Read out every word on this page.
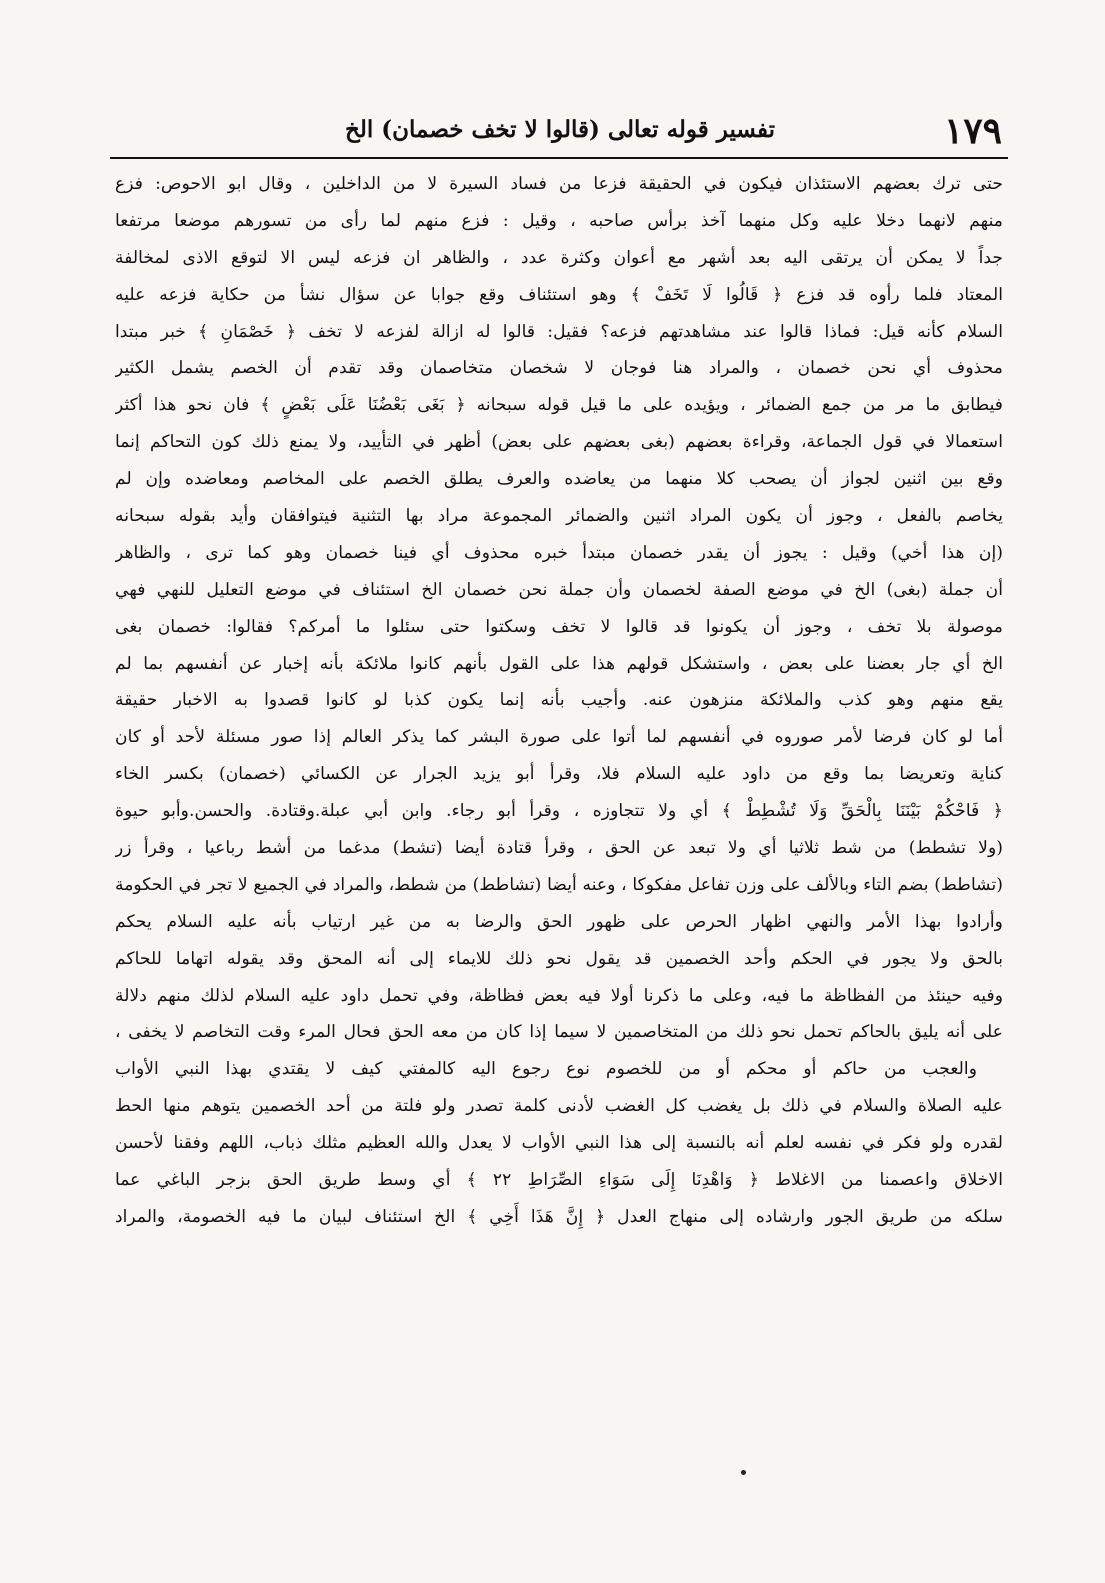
١٧٩
تفسير قوله تعالى (قالوا لا تخف خصمان) الخ
حتى ترك بعضهم الاستئذان فيكون في الحقيقة فزعا من فساد السيرة لا من الداخلين ، وقال ابو الاحوص: فزع
منهم لانهما دخلا عليه وكل منهما آخذ برأس صاحبه ، وقيل : فزع منهم لما رأى من تسورهم موضعا مرتفعا
جداً لا يمكن أن يرتقى اليه بعد أشهر مع أعوان وكثرة عدد ، والظاهر ان فزعه ليس الا لتوقع الاذى لمخالفة
المعتاد فلما رأوه قد فزع ﴿ قَالُوا لَا تَخَفْ ﴾ وهو استئناف وقع جوابا عن سؤال نشأ من حكاية فزعه عليه
السلام كأنه قيل: فماذا قالوا عند مشاهدتهم فزعه؟ فقيل: قالوا له ازالة لفزعه لا تخف ﴿ خَصْمَانِ ﴾ خبر مبتدا
محذوف أي نحن خصمان ، والمراد هنا فوجان لا شخصان متخاصمان وقد تقدم أن الخصم يشمل الكثير
فيطابق ما مر من جمع الضمائر ، ويؤيده على ما قيل قوله سبحانه ﴿ بَغَى بَعْضُنَا عَلَى بَعْضٍ ﴾ فان نحو هذا أكثر
استعمالا في قول الجماعة، وقراءة بعضهم (بغى بعضهم على بعض) أظهر في التأييد، ولا يمنع ذلك كون التحاكم إنما
وقع بين اثنين لجواز أن يصحب كلا منهما من يعاضده والعرف يطلق الخصم على المخاصم ومعاضده وإن لم
يخاصم بالفعل ، وجوز أن يكون المراد اثنين والضمائر المجموعة مراد بها التثنية فيتوافقان وأيد بقوله سبحانه
(إن هذا أخي) وقيل : يجوز أن يقدر خصمان مبتدأ خبره محذوف أي فينا خصمان وهو كما ترى ، والظاهر
أن جملة (بغى) الخ في موضع الصفة لخصمان وأن جملة نحن خصمان الخ استئناف في موضع التعليل للنهي فهي
موصولة بلا تخف ، وجوز أن يكونوا قد قالوا لا تخف وسكتوا حتى سئلوا ما أمركم؟ فقالوا: خصمان بغى
الخ أي جار بعضنا على بعض ، واستشكل قولهم هذا على القول بأنهم كانوا ملائكة بأنه إخبار عن أنفسهم بما لم
يقع منهم وهو كذب والملائكة منزهون عنه. وأجيب بأنه إنما يكون كذبا لو كانوا قصدوا به الاخبار حقيقة
أما لو كان فرضا لأمر صوروه في أنفسهم لما أتوا على صورة البشر كما يذكر العالم إذا صور مسئلة لأحد أو كان
كناية وتعريضا بما وقع من داود عليه السلام فلا، وقرأ أبو يزيد الجرار عن الكسائي (خصمان) بكسر الخاء
﴿ فَاحْكُمْ بَيْنَنَا بِالْحَقِّ وَلَا تُشْطِطْ ﴾ أي ولا تتجاوزه ، وقرأ أبو رجاء. وابن أبي عبلة.وقتادة. والحسن.وأبو حيوة
(ولا تشطط) من شط ثلاثيا أي ولا تبعد عن الحق ، وقرأ قتادة أيضا (تشط) مدغما من أشط رباعيا ، وقرأ زر
(تشاطط) بضم التاء وبالألف على وزن تفاعل مفكوكا ، وعنه أيضا (تشاطط) من شطط، والمراد في الجميع لا تجر في الحكومة
وأرادوا بهذا الأمر والنهي اظهار الحرص على ظهور الحق والرضا به من غير ارتياب بأنه عليه السلام يحكم
بالحق ولا يجور في الحكم وأحد الخصمين قد يقول نحو ذلك للايماء إلى أنه المحق وقد يقوله اتهاما للحاكم
وفيه حينئذ من الفظاظة ما فيه، وعلى ما ذكرنا أولا فيه بعض فظاظة، وفي تحمل داود عليه السلام لذلك منهم دلالة
على أنه يليق بالحاكم تحمل نحو ذلك من المتخاصمين لا سيما إذا كان من معه الحق فحال المرء وقت التخاصم لا يخفى ،
والعجب من حاكم أو محكم أو من للخصوم نوع رجوع اليه كالمفتي كيف لا يقتدي بهذا النبي الأواب
عليه الصلاة والسلام في ذلك بل يغضب كل الغضب لأدنى كلمة تصدر ولو فلتة من أحد الخصمين يتوهم منها الحط
لقدره ولو فكر في نفسه لعلم أنه بالنسبة إلى هذا النبي الأواب لا يعدل والله العظيم مثلك ذباب، اللهم وفقنا لأحسن
الاخلاق واعصمنا من الاغلاط ﴿ وَاهْدِنَا إِلَى سَوَاءِ الصِّرَاطِ ٢٢ ﴾ أي وسط طريق الحق بزجر الباغي عما
سلكه من طريق الجور وارشاده إلى منهاج العدل ﴿ إِنَّ هَذَا أَخِي ﴾ الخ استئناف لبيان ما فيه الخصومة، والمراد
